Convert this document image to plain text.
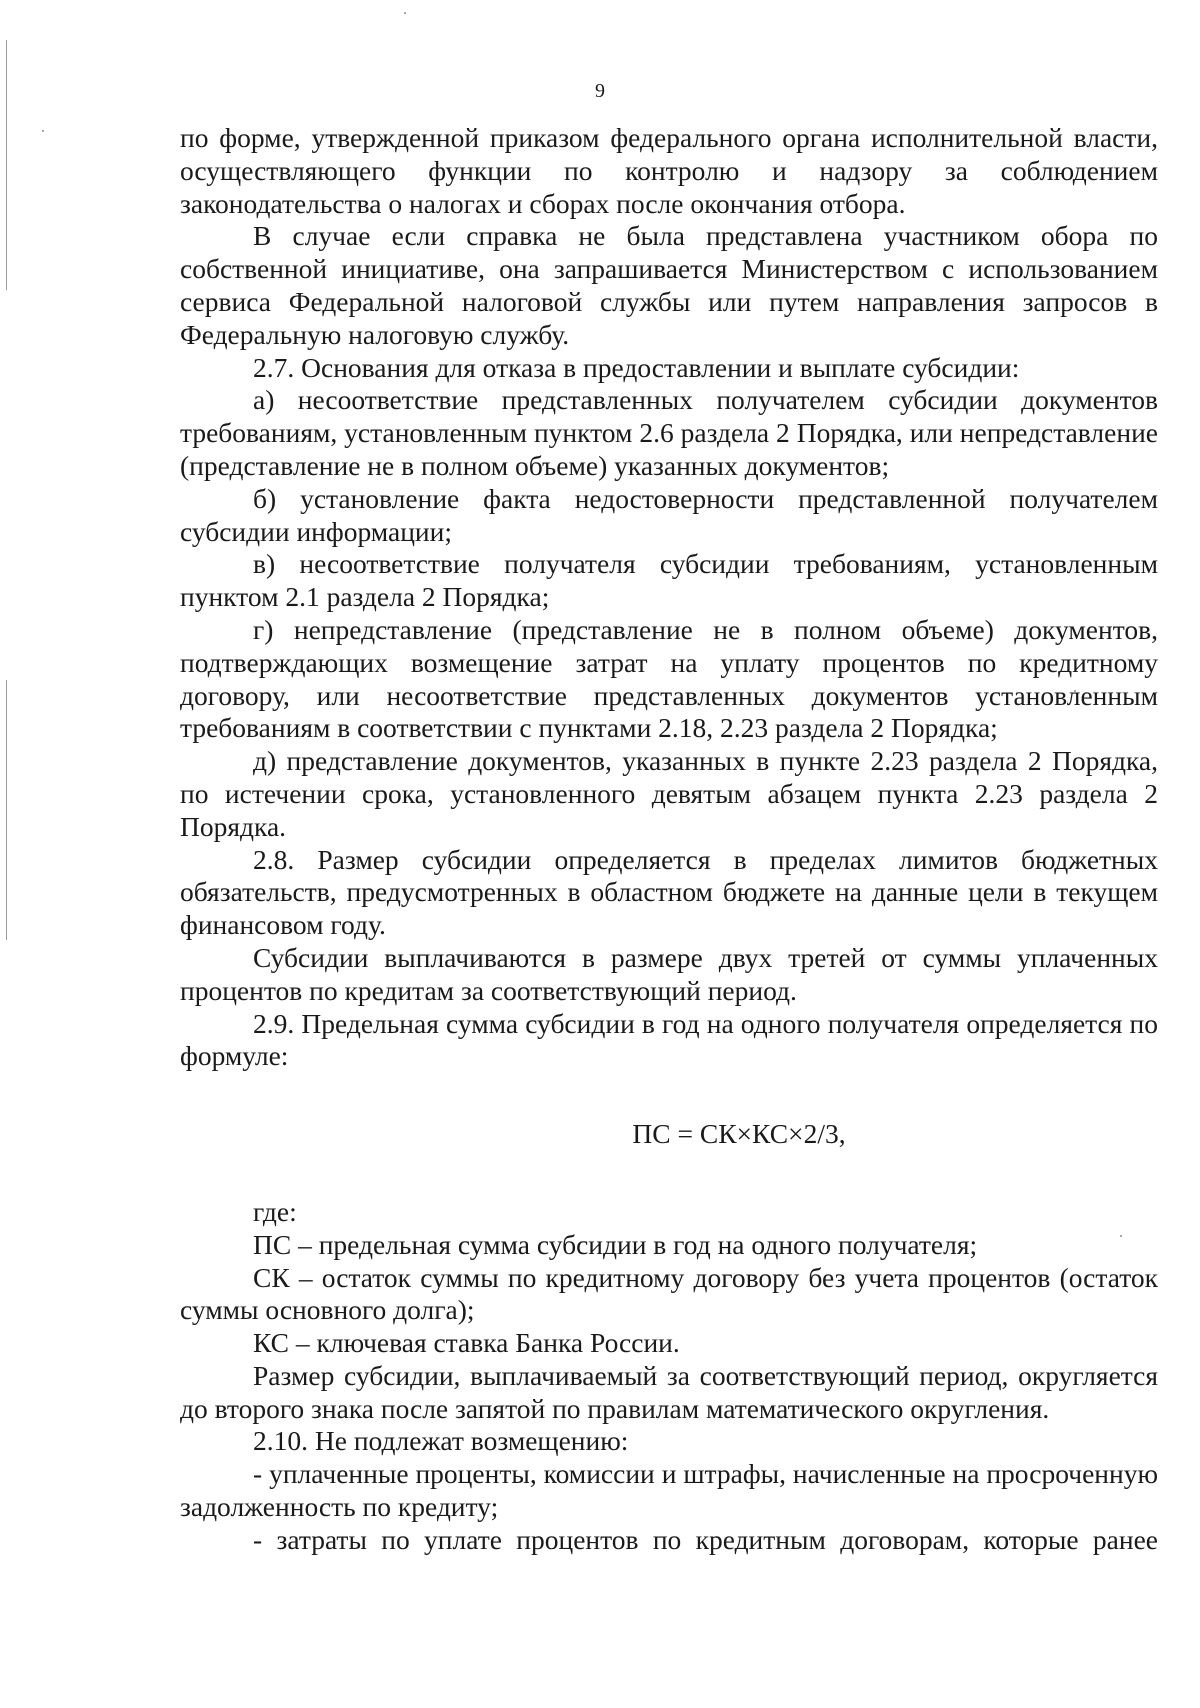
9

по форме, утвержденной приказом федерального органа исполнительной власти, осуществляющего функции по контролю и надзору за соблюдением законодательства о налогах и сборах после окончания отбора.

В случае если справка не была представлена участником обора по собственной инициативе, она запрашивается Министерством с использованием сервиса Федеральной налоговой службы или путем направления запросов в Федеральную налоговую службу.

2.7. Основания для отказа в предоставлении и выплате субсидии:

а) несоответствие представленных получателем субсидии документов требованиям, установленным пунктом 2.6 раздела 2 Порядка, или непредставление (представление не в полном объеме) указанных документов;

б) установление факта недостоверности представленной получателем субсидии информации;

в) несоответствие получателя субсидии требованиям, установленным пунктом 2.1 раздела 2 Порядка;

г) непредставление (представление не в полном объеме) документов, подтверждающих возмещение затрат на уплату процентов по кредитному договору, или несоответствие представленных документов установленным требованиям в соответствии с пунктами 2.18, 2.23 раздела 2 Порядка;

д) представление документов, указанных в пункте 2.23 раздела 2 Порядка, по истечении срока, установленного девятым абзацем пункта 2.23 раздела 2 Порядка.

2.8. Размер субсидии определяется в пределах лимитов бюджетных обязательств, предусмотренных в областном бюджете на данные цели в текущем финансовом году.

Субсидии выплачиваются в размере двух третей от суммы уплаченных процентов по кредитам за соответствующий период.

2.9. Предельная сумма субсидии в год на одного получателя определяется по формуле:

ПС = СК×КС×2/3,

где:

ПС – предельная сумма субсидии в год на одного получателя;

СК – остаток суммы по кредитному договору без учета процентов (остаток суммы основного долга);

КС – ключевая ставка Банка России.

Размер субсидии, выплачиваемый за соответствующий период, округляется до второго знака после запятой по правилам математического округления.

2.10. Не подлежат возмещению:

- уплаченные проценты, комиссии и штрафы, начисленные на просроченную задолженность по кредиту;

- затраты по уплате процентов по кредитным договорам, которые ранее
